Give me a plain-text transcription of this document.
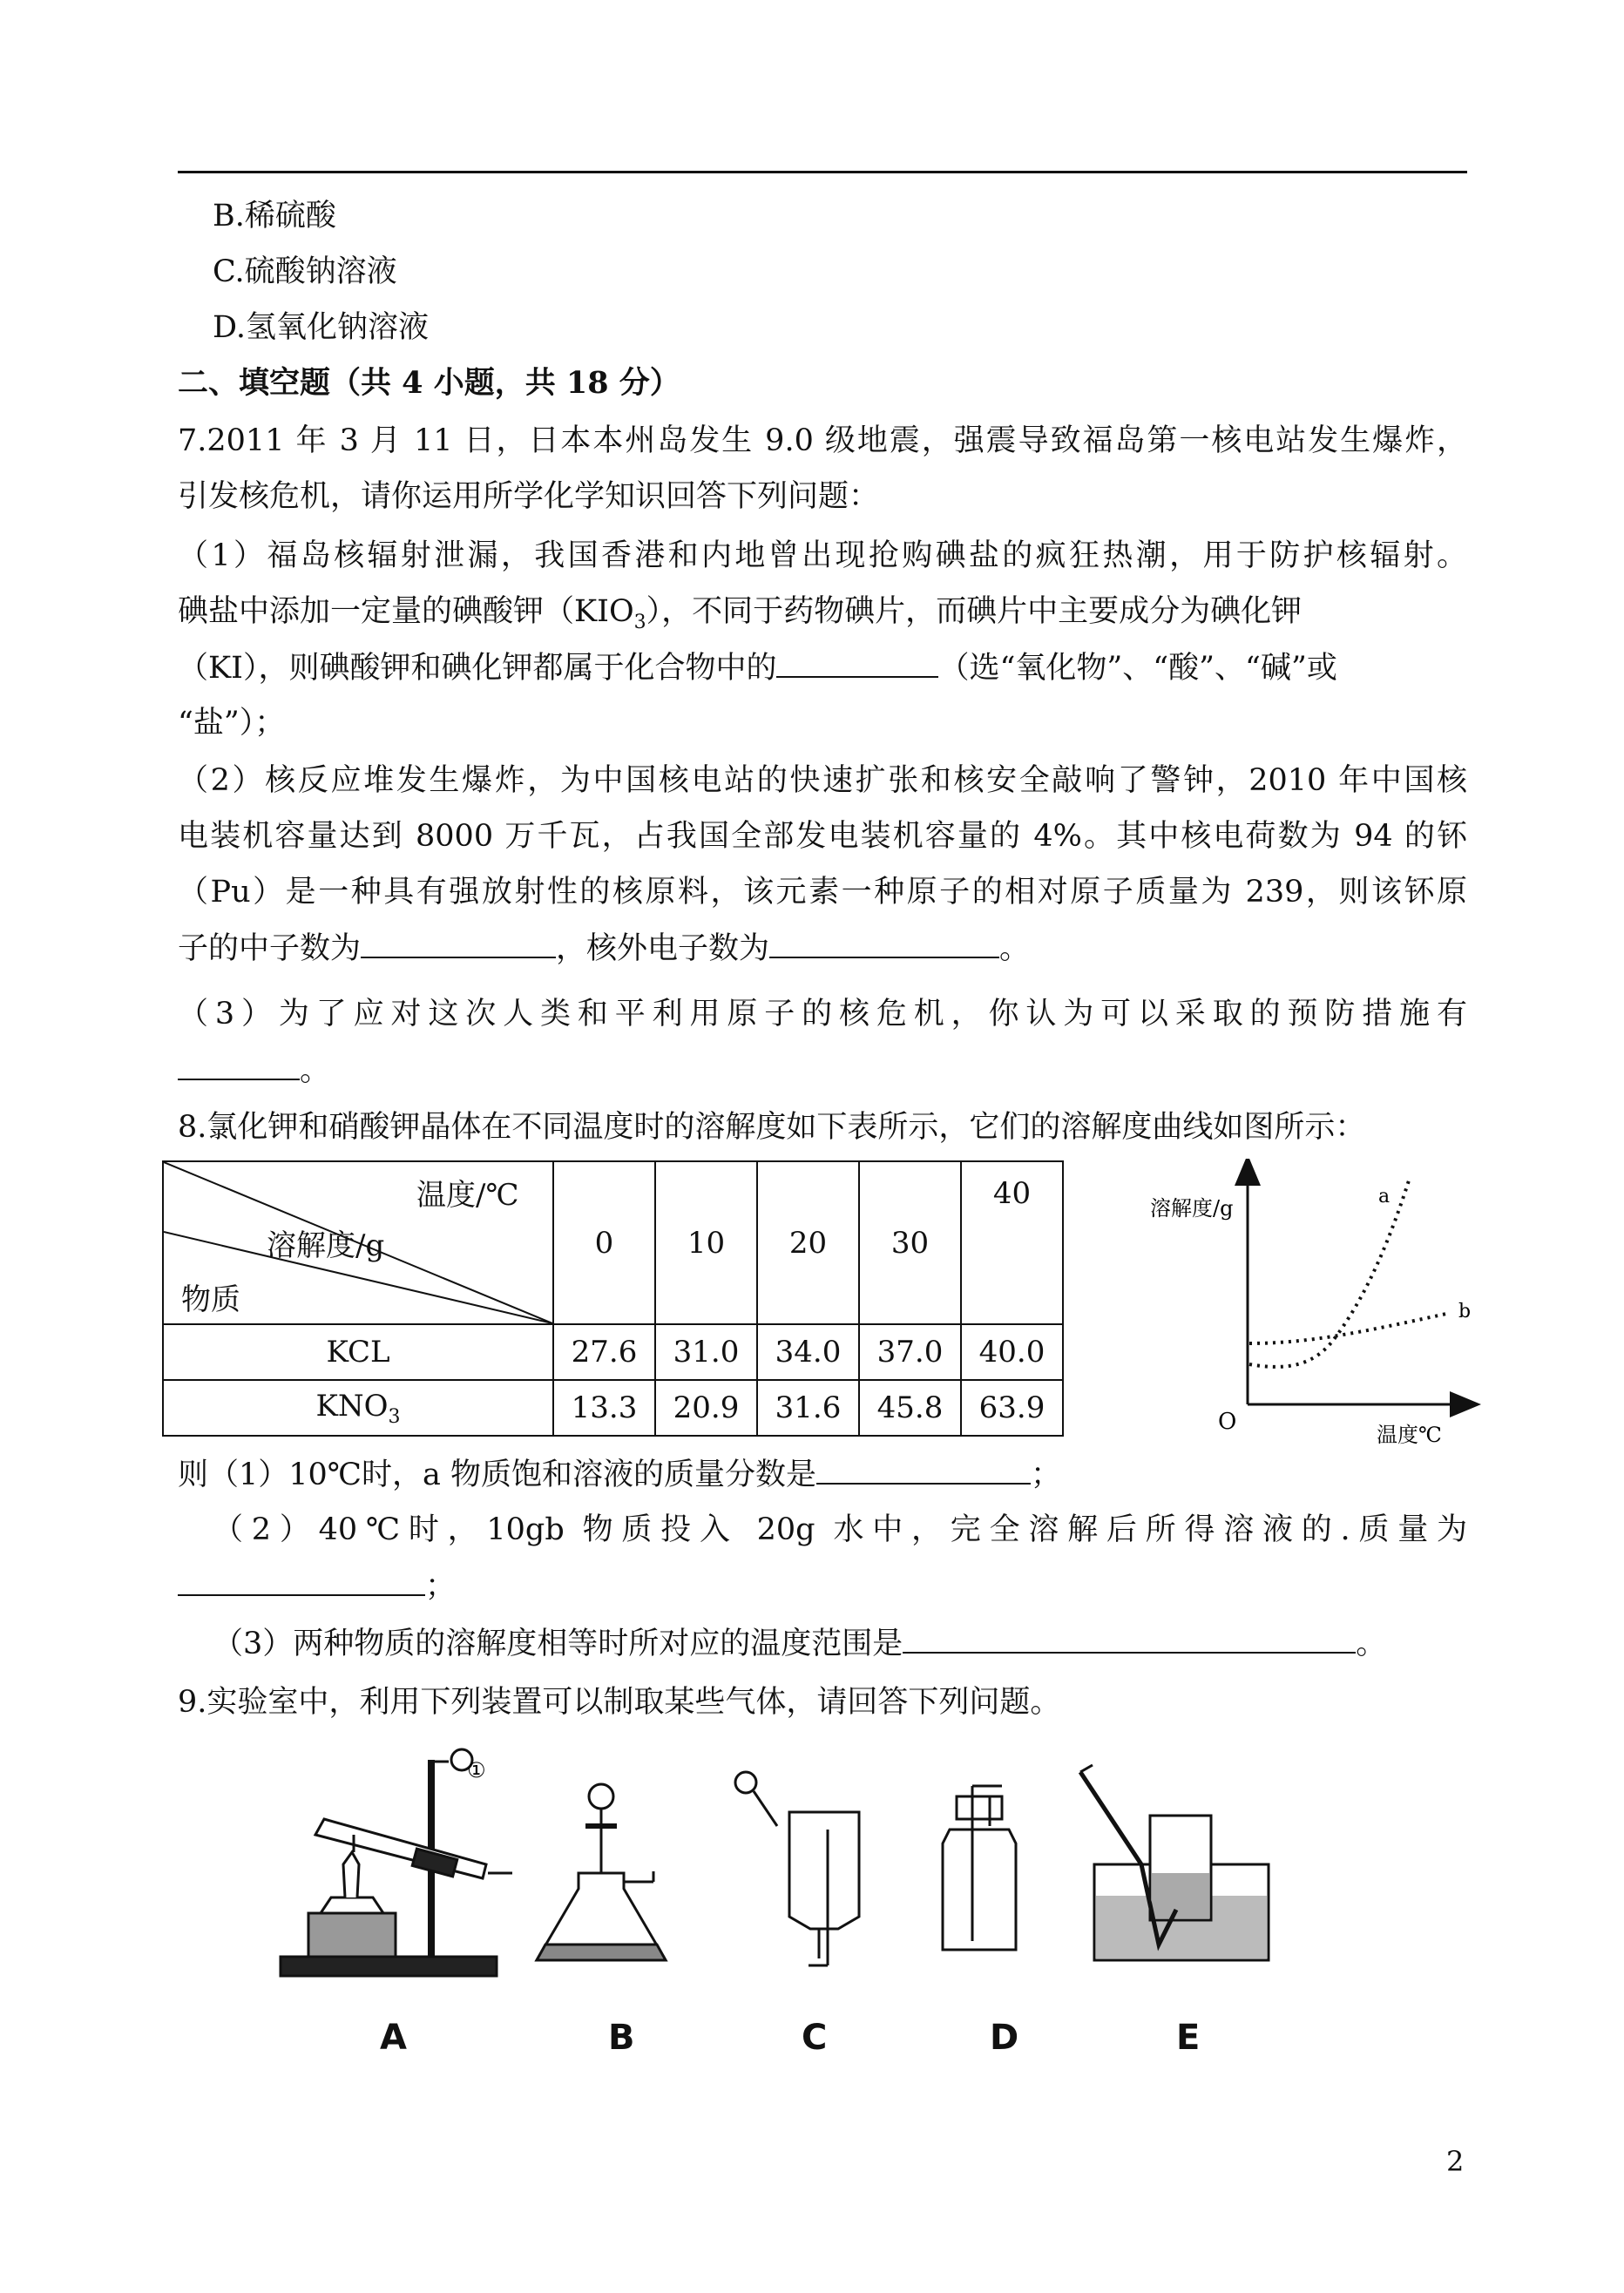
B.稀硫酸

C.硫酸钠溶液

D.氢氧化钠溶液

二、填空题（共 4 小题，共 18 分）

7.2011 年 3 月 11 日，日本本州岛发生 9.0 级地震，强震导致福岛第一核电站发生爆炸，

引发核危机，请你运用所学化学知识回答下列问题：

（1）福岛核辐射泄漏，我国香港和内地曾出现抢购碘盐的疯狂热潮，用于防护核辐射。

碘盐中添加一定量的碘酸钾$(KIO_3)$，不同于药物碘片，而碘片中主要成分为碘化钾

（KI），则碘酸钾和碘化钾都属于化合物中的	（选“氧化物”、“酸”、“碱”或

“盐”）；

（2）核反应堆发生爆炸，为中国核电站的快速扩张和核安全敲响了警钟，2010 年中国核

电装机容量达到 8000 万千瓦，占我国全部发电装机容量的 4%。其中核电荷数为 94 的钚

（Pu）是一种具有强放射性的核原料，该元素一种原子的相对原子质量为 239，则该钚原

子的中子数为	，核外电子数为	。

（3）为了应对这次人类和平利用原子的核危机，你认为可以采取的预防措施有

。

8.氯化钾和硝酸钾晶体在不同温度时的溶解度如下表所示，它们的溶解度曲线如图所示：

温度/℃
溶解度/g
物质	0	10	20	30	40
KCL	27.6	31.0	34.0	37.0	40.0
$KNO_3$	13.3	20.9	31.6	45.8	63.9
溶解度/g
温度℃
O
a
b

则（1）10℃时，a 物质饱和溶液的质量分数是	；

（2）40℃时，10gb 物质投入 20g 水中，完全溶解后所得溶液的.质量为

；

（3）两种物质的溶解度相等时所对应的温度范围是	。

9.实验室中，利用下列装置可以制取某些气体，请回答下列问题。

①
A	B	C	D	E

2
